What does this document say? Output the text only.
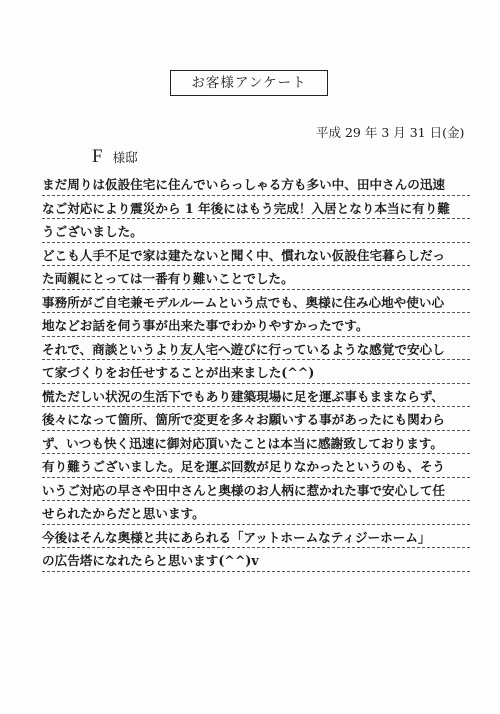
お客様アンケート
平成 29 年 3 月 31 日(金)
F様邸
まだ周りは仮設住宅に住んでいらっしゃる方も多い中、田中さんの迅速
なご対応により震災から 1 年後にはもう完成！入居となり本当に有り難
うございました。
どこも人手不足で家は建たないと聞く中、慣れない仮設住宅暮らしだっ
た両親にとっては一番有り難いことでした。
事務所がご自宅兼モデルルームという点でも、奥様に住み心地や使い心
地などお話を伺う事が出来た事でわかりやすかったです。
それで、商談というより友人宅へ遊びに行っているような感覚で安心し
て家づくりをお任せすることが出来ました(^^)
慌ただしい状況の生活下でもあり建築現場に足を運ぶ事もままならず、
後々になって箇所、箇所で変更を多々お願いする事があったにも関わら
ず、いつも快く迅速に御対応頂いたことは本当に感謝致しております。
有り難うございました。足を運ぶ回数が足りなかったというのも、そう
いうご対応の早さや田中さんと奥様のお人柄に惹かれた事で安心して任
せられたからだと思います。
今後はそんな奥様と共にあられる「アットホームなティジーホーム」
の広告塔になれたらと思います(^^)v
